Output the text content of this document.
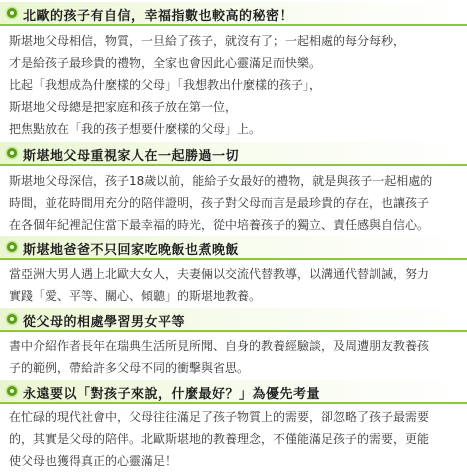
北歐的孩子有自信，幸福指數也較高的秘密！
斯堪地父母相信，物質，一旦給了孩子，就沒有了；一起相處的每分每秒，
才是給孩子最珍貴的禮物，全家也會因此心靈滿足而快樂。
比起「我想成為什麼樣的父母」「我想教出什麼樣的孩子」，
斯堪地父母總是把家庭和孩子放在第一位，
把焦點放在「我的孩子想要什麼樣的父母」上。
斯堪地父母重視家人在一起勝過一切
斯堪地父母深信，孩子18歲以前，能給子女最好的禮物，就是與孩子一起相處的
時間，並花時間用充分的陪伴證明，孩子對父母而言是最珍貴的存在，也讓孩子
在各個年紀裡記住當下最幸福的時光，從中培養孩子的獨立、責任感與自信心。
斯堪地爸爸不只回家吃晚飯也煮晚飯
當亞洲大男人遇上北歐大女人，夫妻倆以交流代替教導，以溝通代替訓誡，努力
實踐「愛、平等、關心、傾聽」的斯堪地教養。
從父母的相處學習男女平等
書中介紹作者長年在瑞典生活所見所聞、自身的教養經驗談，及周遭朋友教養孩
子的範例，帶給許多父母不同的衝擊與省思。
永遠要以「對孩子來說，什麼最好？」為優先考量
在忙碌的現代社會中，父母往往滿足了孩子物質上的需要，卻忽略了孩子最需要
的，其實是父母的陪伴。北歐斯堪地的教養理念，不僅能滿足孩子的需要，更能
使父母也獲得真正的心靈滿足！
